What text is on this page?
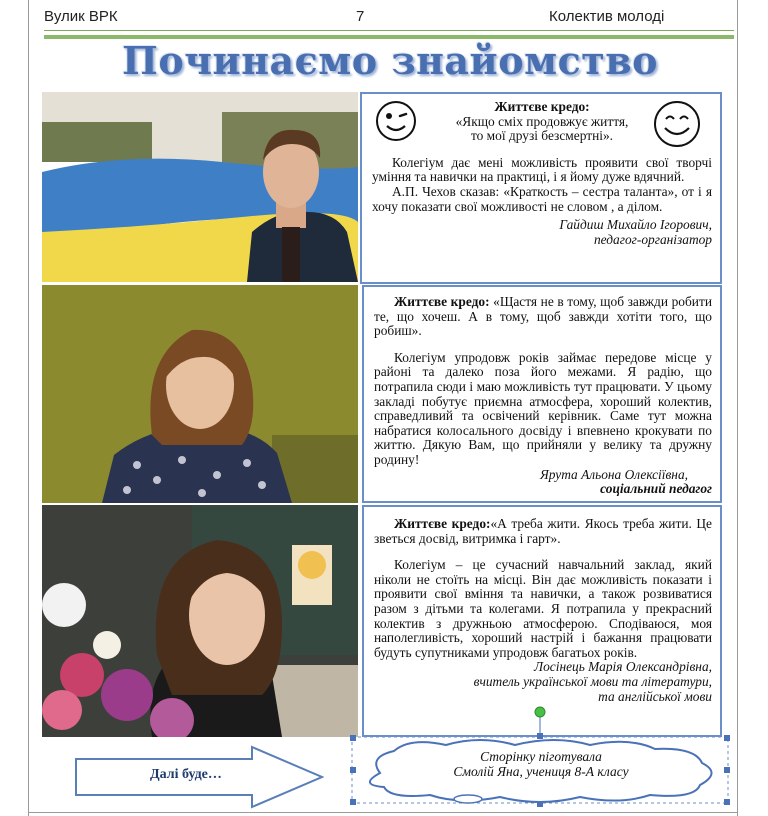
Вулик ВРК	7	Колектив молоді
Починаємо знайомство

Життєве кредо:

«Якщо сміх продовжує життя,

то мої друзі безсмертні».

Колегіум дає мені можливість проявити свої творчі уміння та навички на практиці, і я йому дуже вдячний.

А.П. Чехов сказав: «Краткость – сестра таланта», от і я хочу показати свої можливості не словом , а ділом.

Гайдиш Михайло Ігорович,

педагог-організатор

Життєве кредо: «Щастя не в тому, щоб завжди робити те, що хочеш. А в тому, щоб завжди хотіти того, що робиш».

Колегіум упродовж років займає передове місце у районі та далеко поза його межами. Я радію, що потрапила сюди і маю можливість тут працювати. У цьому закладі побутує приємна атмосфера, хороший колектив, справедливий та освічений керівник. Саме тут можна набратися колосального досвіду і впевнено крокувати по життю. Дякую Вам, що прийняли у велику та дружну родину!

Ярута Альона Олексіївна,

соціальний педагог

Життєве кредо:«А треба жити. Якось треба жити. Це зветься досвід, витримка і гарт».

Колегіум – це сучасний навчальний заклад, який ніколи не стоїть на місці. Він дає можливість показати і проявити свої вміння та навички, а також розвиватися разом з дітьми та колегами. Я потрапила у прекрасний колектив з дружньою атмосферою. Сподіваюся, моя наполегливість, хороший настрій і бажання працювати будуть супутниками упродовж багатьох років.

Лосінець Марія Олександрівна,

вчитель української мови та літератури,

та англійської мови

Далі буде…

Сторінку пiготувала

Смолій Яна, учениця 8-А класу
